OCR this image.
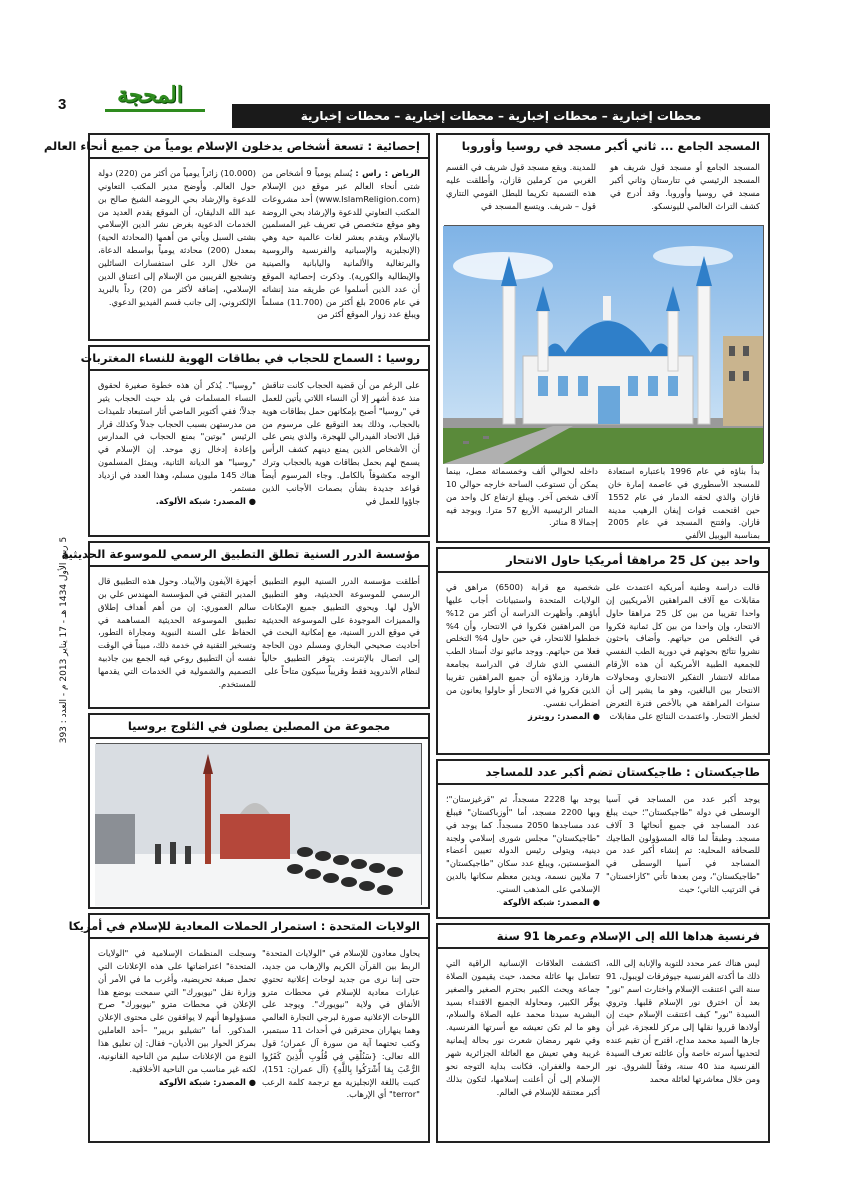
3	المحجة
محطات إخبارية – محطات إخبارية – محطات إخبارية – محطات إخبارية
5 ربيع الأول 1434 هـ - 17 يناير 2013 م - العدد : 393
المسجد الجامع ... ثاني أكبر مسجد في روسيا وأوروبا
المسجد الجامع أو مسجد قول شريف هو المسجد الرئيسي في تتارستان وثاني أكبر مسجد في روسيا وأوروبا. وقد أدرج في كشف التراث العالمي لليونسكو.
للمدينة. ويقع مسجد قول شريف في القسم الغربي من كرملين قازان، وأطلقت عليه هذه التسمية تكريما للبطل القومي التتاري قول – شريف. ويتسع المسجد في
بدأ بناؤه في عام 1996 باعتباره استعادة للمسجد الأسطوري في عاصمة إمارة خان قازان والذي لحقه الدمار في عام 1552 حين اقتحمت قوات إيفان الرهيب مدينة قازان. وافتتح المسجد في عام 2005 بمناسبة اليوبيل الألفي
داخله لحوالي ألف وخمسمائة مصل، بينما يمكن أن تستوعب الساحة خارجه حوالي 10 آلاف شخص آخر. ويبلغ ارتفاع كل واحد من المنائر الرئيسية الأربع 57 مترا. ويوجد فيه إجمالا 8 منائر.
إحصائية : تسعة أشخاص يدخلون الإسلام يومياً من جميع أنحاء العالم
الرياض : راس : يُسلم يومياً 9 أشخاص من شتى أنحاء العالم عبر موقع دين الإسلام (www.IslamReligion.com) أحد مشروعات المكتب التعاوني للدعوة والإرشاد بحي الروضة وهو موقع متخصص في تعريف غير المسلمين بالإسلام ويقدم بعشر لغات عالمية حية وهي (الإنجليزية والإسبانية والفرنسية والروسية والبرتغالية والألمانية واليابانية والصينية والإيطالية والكورية). وذكرت إحصائية الموقع أن عدد الذين أسلموا عن طريقه منذ إنشائه في عام 2006 بلغ أكثر من (11.700) مسلماً ويبلغ عدد زوار الموقع أكثر من
(10.000) زائراً يومياً من أكثر من (220) دولة حول العالم. وأوضح مدير المكتب التعاوني للدعوة والإرشاد بحي الروضة الشيخ صالح بن عبد الله الدليقان، أن الموقع يقدم العديد من الخدمات الدعوية بغرض نشر الدين الإسلامي بشتى السبل ويأتي من أهمها (المحادثة الحية) بمعدل (200) محادثة يومياً بواسطة الدعاة، من خلال الرد على استفسارات السائلين وتشجيع القريبين من الإسلام إلى اعتناق الدين الإسلامي، إضافة لأكثر من (20) رداً بالبريد الإلكتروني، إلى جانب قسم الفيديو الدعوي.
روسيا : السماح للحجاب في بطاقات الهوية للنساء المغتربات
على الرغم من أن قضية الحجاب كانت تناقش منذ عدة أشهر إلا أن النساء اللاتي يأتين للعمل في "روسيا" أصبح بإمكانهن حمل بطاقات هوية بالحجاب، وذلك بعد التوقيع على مرسوم من قبل الاتحاد الفيدرالي للهجرة، والذي ينص على أن الأشخاص الذين يمنع دينهم كشف الرأس يسمح لهم بحمل بطاقات هوية بالحجاب وترك الوجه مكشوفاً بالكامل. وجاء المرسوم أيضاً قواعد جديدة بشأن بصمات الأجانب الذين جاؤوا للعمل في

"روسيا". يُذكر أن هذه خطوة صغيرة لحقوق النساء المسلمات في بلد حيث الحجاب يثير جدلاً؛ ففي أكتوبر الماضي أثار استبعاد تلميذات من مدرستهن بسبب الحجاب جدلاً وكذلك قرار الرئيس "بوتين" بمنع الحجاب في المدارس وإعادة إدخال زي موحد. إن الإسلام في "روسيا" هو الديانة الثانية، ويمثل المسلمون هناك 145 مليون مسلم، وهذا العدد في ازدياد مستمر.

● المصدر: شبكة الألوكة.

مؤسسة الدرر السنية تطلق التطبيق الرسمي للموسوعة الحديثية
أطلقت مؤسسة الدرر السنية اليوم التطبيق الرسمي للموسوعة الحديثية، وهو التطبيق الأول لها. ويحوي التطبيق جميع الإمكانات والمميزات الموجودة على الموسوعة الحديثية في موقع الدرر السنية، مع إمكانية البحث في أحاديث صحيحي البخاري ومسلم دون الحاجة إلى اتصال بالإنترنت. يتوفر التطبيق حالياً لنظام الأندرويد فقط وقريباً سيكون متاحاً على
أجهزة الآيفون والآيباد. وحول هذه التطبيق قال المدير التقني في المؤسسة المهندس علي بن سالم العموري: إن من أهم أهداف إطلاق تطبيق الموسوعة الحديثية المساهمة في الحفاظ على السنة النبوية ومجاراة التطور، وتسخير التقنية في خدمة ذلك، مبيناً في الوقت نفسه أن التطبيق روعي فيه الجمع بين جاذبية التصميم والشمولية في الخدمات التي يقدمها للمستخدم.
مجموعة من المصلين يصلون في الثلوج بروسيا
الولايات المتحدة : استمرار الحملات المعادية للإسلام في أمريكا
يحاول معادون للإسلام في "الولايات المتحدة" الربط بين القرآن الكريم والإرهاب من جديد، حتى إننا نرى من جديد لوحات إعلانية تحتوي عبارات معادية للإسلام في محطات مترو الأنفاق في ولاية "نيويورك". ويوجد على اللوحات الإعلانية صورة لبرجي التجارة العالمي وهما ينهاران محترقين في أحداث 11 سبتمبر، وكتب تحتهما آية من سورة آل عمران؛ قول الله تعالى: {سَنُلْقِي فِي قُلُوبِ الَّذِينَ كَفَرُوا الرُّعْبَ بِمَا أَشْرَكُوا بِاللَّهِ} (آل عمران: 151)، كتبت باللغة الإنجليزية مع ترجمة كلمة الرعب "terror" أي الإرهاب.

وسجلت المنظمات الإسلامية في "الولايات المتحدة" اعتراضاتها على هذه الإعلانات التي تحمل صبغة تحريضية، وأغرب ما في الأمر أن وزارة نقل "نيويورك" التي سمحت بوضع هذا الإعلان في محطات مترو "نيويورك" صرح مسؤولوها أنهم لا يوافقون على محتوى الإعلان المذكور. أما "تشيليو بريير" –أحد العاملين بمركز الحوار بين الأديان– فقال: إن تعليق هذا النوع من الإعلانات سليم من الناحية القانونية، لكنه غير مناسب من الناحية الأخلاقية.

● المصدر: شبكة الألوكة

واحد بين كل 25 مراهقا أمريكيا حاول الانتحار
قالت دراسة وطنية أمريكية اعتمدت على مقابلات مع آلاف المراهقين الأمريكيين إن واحدا تقريبا من بين كل 25 مراهقا حاول الانتحار، وإن واحدا من بين كل ثمانية فكروا في التخلص من حياتهم. وأضاف باحثون نشروا نتائج بحوثهم في دورية الطب النفسي للجمعية الطبية الأمريكية أن هذه الأرقام مماثلة لانتشار التفكير الانتحاري ومحاولات الانتحار بين البالغين، وهو ما يشير إلى أن سنوات المراهقة هي بالأخص فترة التعرض لخطر الانتحار. واعتمدت النتائج على مقابلات

شخصية مع قرابة (6500) مراهق في الولايات المتحدة واستبيانات أجاب عليها أباؤهم. وأظهرت الدراسة أن أكثر من 12% من المراهقين فكروا في الانتحار، وأن 4% خططوا للانتحار، في حين حاول 4% التخلص فعلا من حياتهم. ووجد ماثيو نوك أستاذ الطب النفسي الذي شارك في الدراسة بجامعة هارفارد وزملاؤه أن جميع المراهقين تقريبا الذين فكروا في الانتحار أو حاولوا يعانون من اضطراب نفسي.

● المصدر: رويترز

طاجيكستان : طاجيكستان تضم أكبر عدد للمساجد
يوجد أكبر عدد من المساجد في آسيا الوسطى في دولة "طاجيكستان"؛ حيث يبلغ عدد المساجد في جميع أنحائها 3 آلاف مسجد. وطبقاً لما قاله المسؤولون الطاجيك للصحافة المحلية: تم إنشاء أكبر عدد من المساجد في آسيا الوسطى في "طاجيكستان"، ومن بعدها تأتي "كازاخستان" في الترتيب الثاني؛ حيث

يوجد بها 2228 مسجداً، ثم "قرغيزستان"؛ وبها 2200 مسجد، أما "أوزباكستان" فيبلغ عدد مساجدها 2050 مسجداً. كما يوجد في "طاجيكستان" مجلس شورى إسلامي ولجنة دينية، ويتولى رئيس الدولة تعيين أعضاء المؤسستين، ويبلغ عدد سكان "طاجيكستان" 7 ملايين نسمة، ويدين معظم سكانها بالدين الإسلامي على المذهب السني.

● المصدر: شبكة الألوكة

فرنسية هداها الله إلى الإسلام وعمرها 91 سنة
ليس هناك عمر محدد للتوبة والإنابة إلى الله، ذلك ما أكدته الفرنسية جيوفرقات لويبول، 91 سنة التي اعتنقت الإسلام واختارت اسم "نور" بعد أن اخترق نور الإسلام قلبها. وتروي السيدة "نور" كيف اعتنقت الإسلام حيث إن أولادها قرروا نقلها إلى مركز للعجزة، غير أن جارها السيد محمد مداح، اقترح أن تقيم عنده لتحديها أسرته خاصة وأن عائلته تعرف السيدة الفرنسية منذ 40 سنة، وفقاً للشروق. نور ومن خلال معاشرتها لعائلة محمد
اكتشفت العلاقات الإنسانية الراقية التي تتعامل بها عائلة محمد، حيث يقيمون الصلاة جماعة ويحث الكبير بحترم الصغير والصغير يوقّر الكبير، ومحاولة الجميع الاقتداء بسيد البشرية سيدنا محمد عليه الصلاة والسلام، وهو ما لم تكن تعيشه مع أسرتها الفرنسية. وفي شهر رمضان شعرت نور بحالة إيمانية غريبة وهي تعيش مع العائلة الجزائرية شهر الرحمة والغفران، فكانت بداية التوجه نحو الإسلام إلى أن أعلنت إسلامها، لتكون بذلك أكبر معتنقة للإسلام في العالم.
